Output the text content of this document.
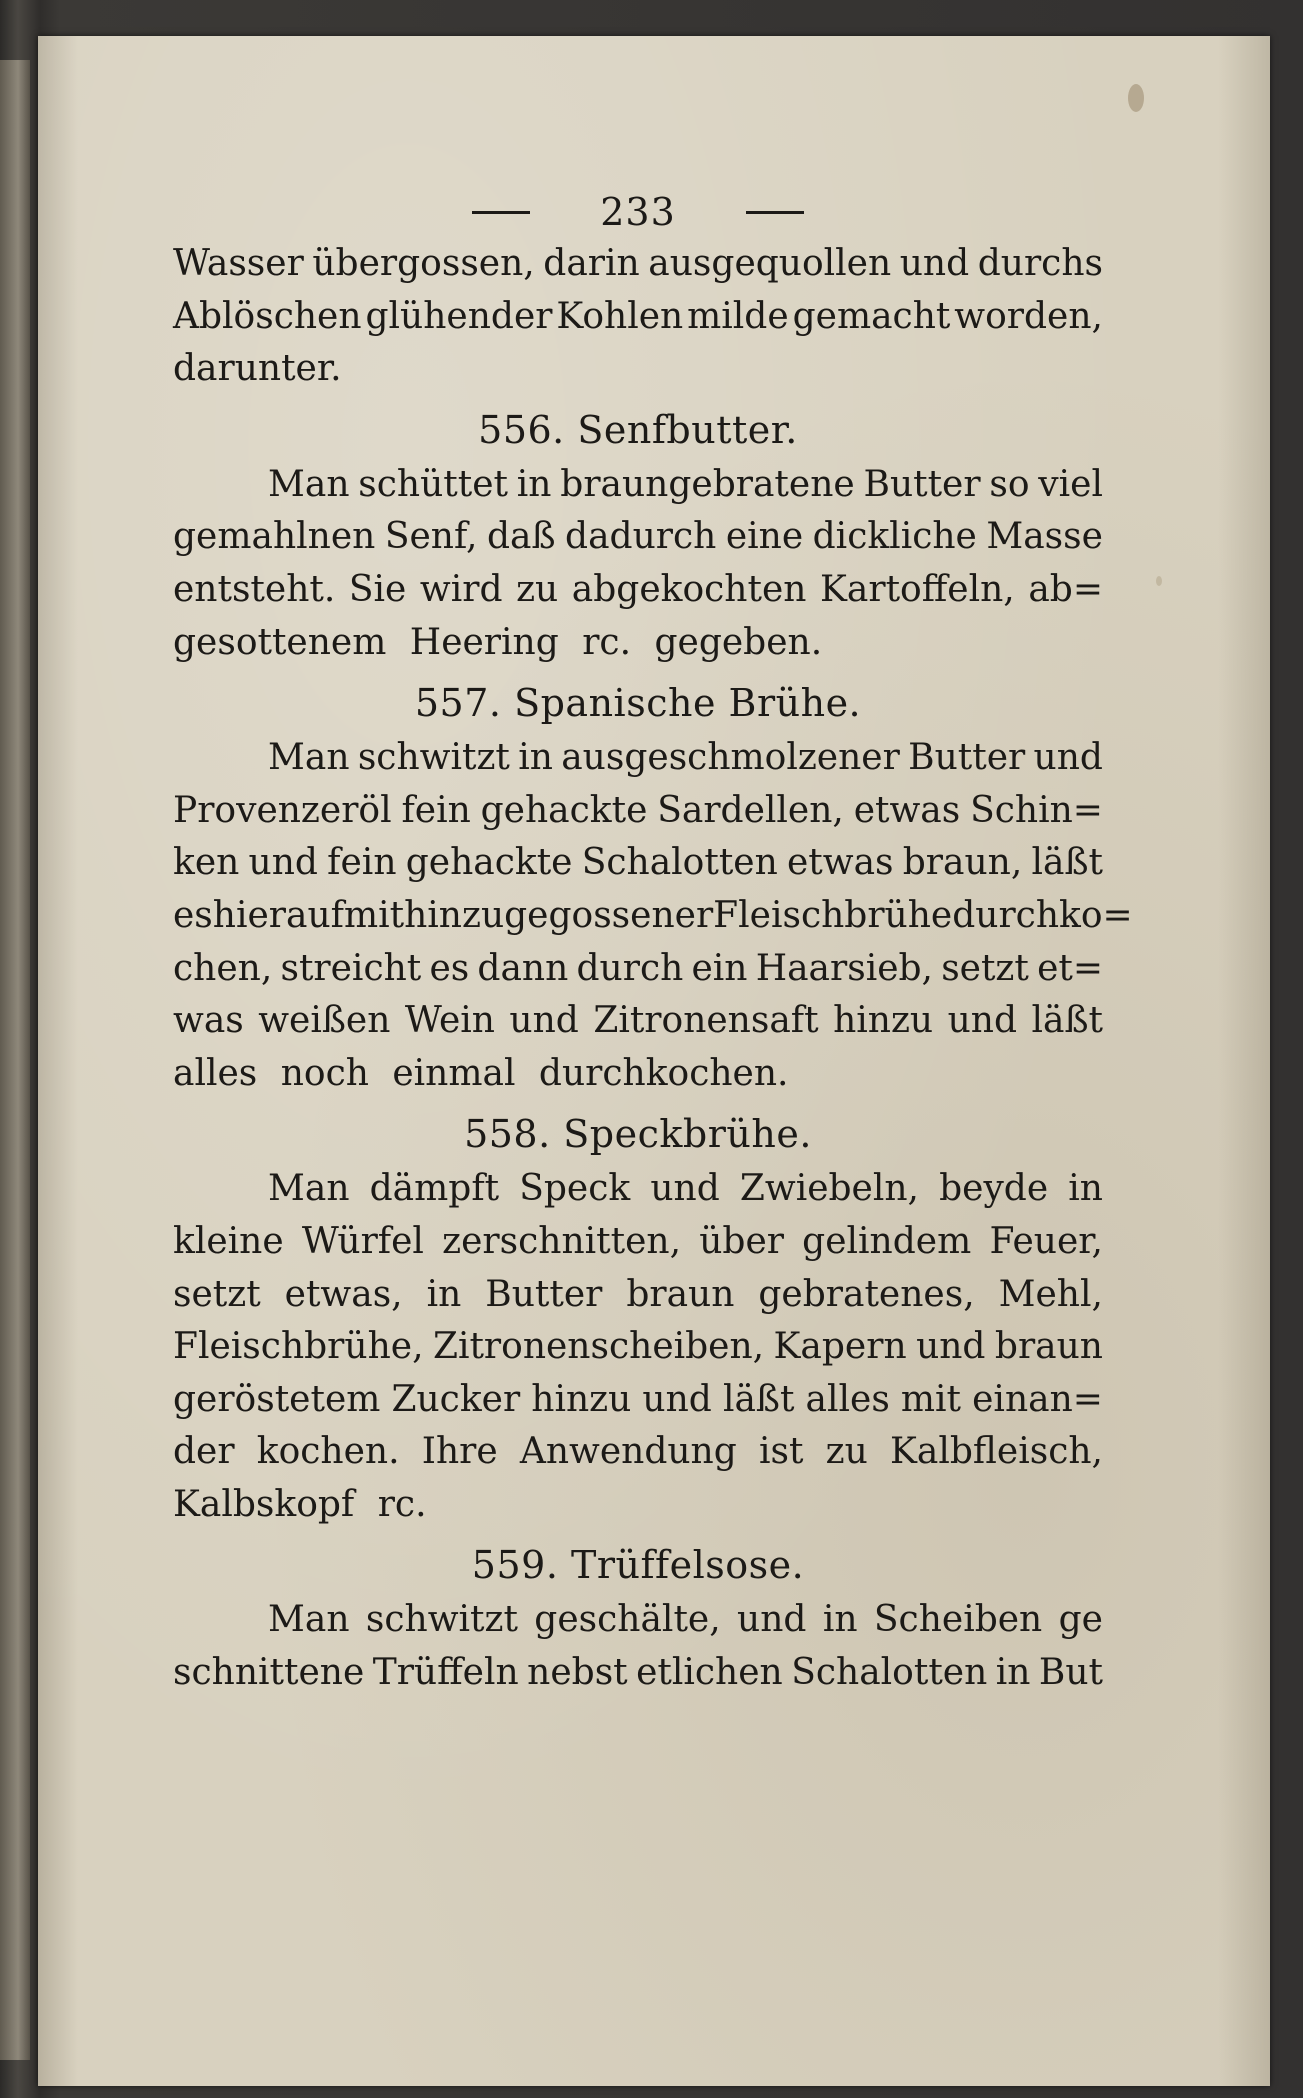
233
Wasser übergossen, darin ausgequollen und durchs
Ablöschen glühender Kohlen milde gemacht worden,
darunter.
556. Senfbutter.
Man schüttet in braungebratene Butter so viel
gemahlnen Senf, daß dadurch eine dickliche Masse
entsteht. Sie wird zu abgekochten Kartoffeln, ab=
gesottenem Heering rc. gegeben.
557. Spanische Brühe.
Man schwitzt in ausgeschmolzener Butter und
Provenzeröl fein gehackte Sardellen, etwas Schin=
ken und fein gehackte Schalotten etwas braun, läßt
es hierauf mit hinzu gegossener Fleischbrühe durchko=
chen, streicht es dann durch ein Haarsieb, setzt et=
was weißen Wein und Zitronensaft hinzu und läßt
alles noch einmal durchkochen.
558. Speckbrühe.
Man dämpft Speck und Zwiebeln, beyde in
kleine Würfel zerschnitten, über gelindem Feuer,
setzt etwas, in Butter braun gebratenes, Mehl,
Fleischbrühe, Zitronenscheiben, Kapern und braun
geröstetem Zucker hinzu und läßt alles mit einan=
der kochen. Ihre Anwendung ist zu Kalbfleisch,
Kalbskopf rc.
559. Trüffelsose.
Man schwitzt geschälte, und in Scheiben ge
schnittene Trüffeln nebst etlichen Schalotten in But
